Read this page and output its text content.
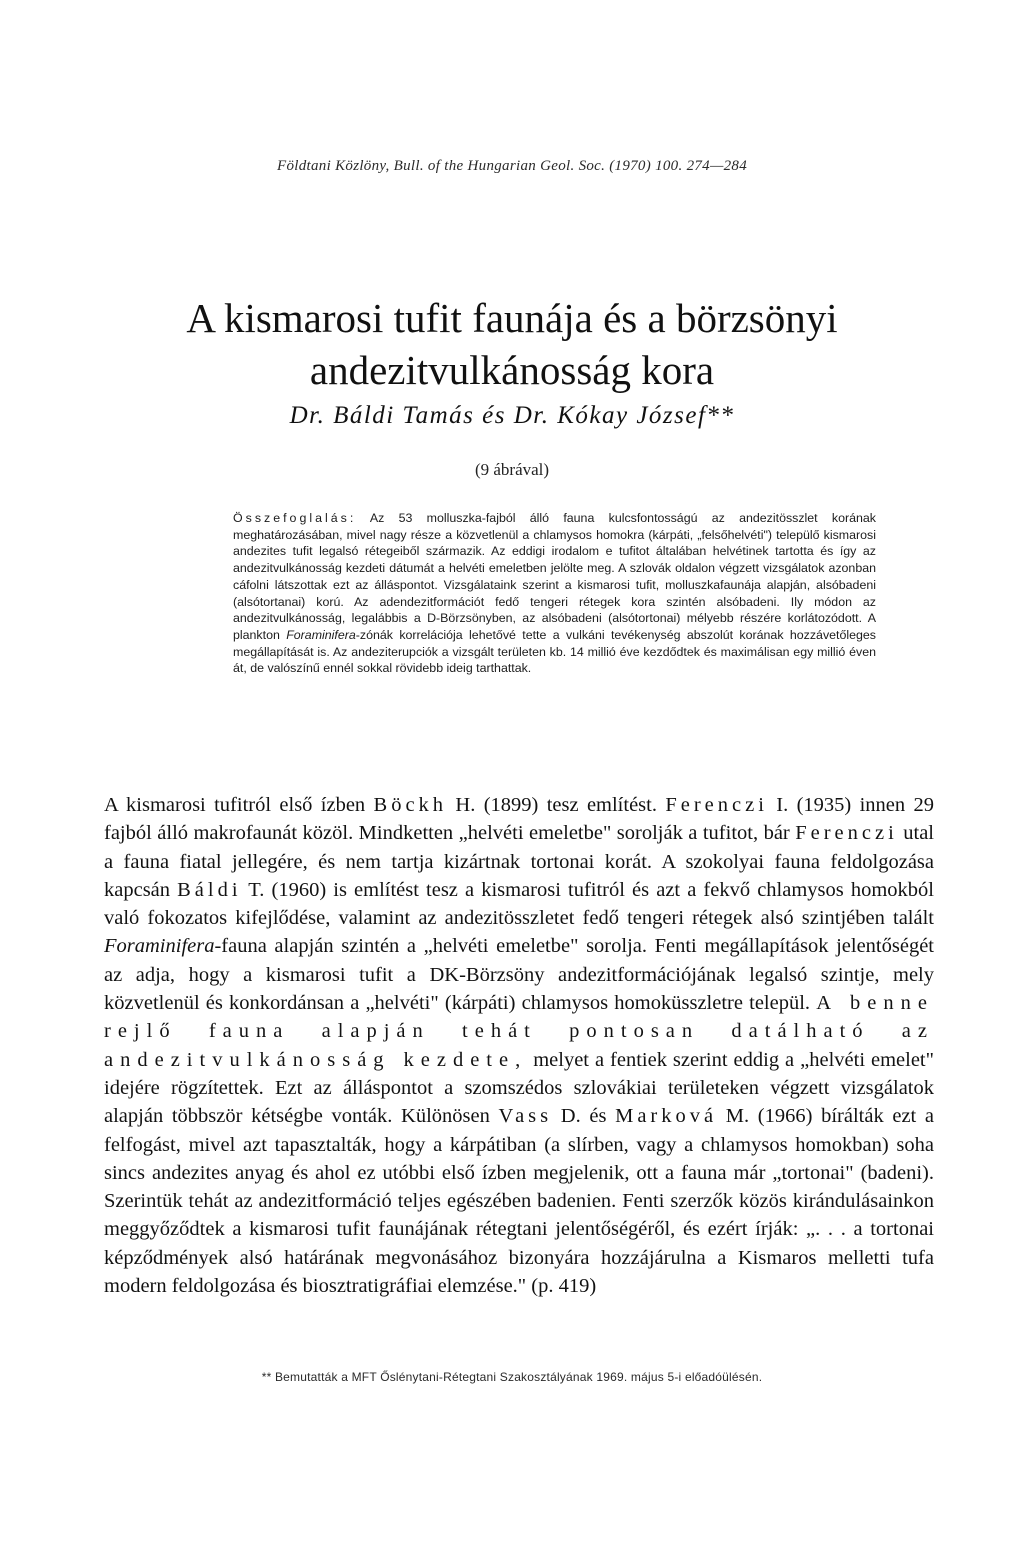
Földtani Közlöny, Bull. of the Hungarian Geol. Soc. (1970) 100. 274—284
A kismarosi tufit faunája és a börzsönyi
andezitvulkánosság kora
Dr. Báldi Tamás és Dr. Kókay József**
(9 ábrával)

Összefoglalás: Az 53 molluszka-fajból álló fauna kulcsfontosságú az andezitösszlet korának meghatározásában, mivel nagy része a közvetlenül a chlamysos homokra (kárpáti, „felsőhelvéti") települő kismarosi andezites tufit legalsó rétegeiből származik. Az eddigi irodalom e tufitot általában helvétinek tartotta és így az andezitvulkánosság kezdeti dátumát a helvéti emeletben jelölte meg. A szlovák oldalon végzett vizsgálatok azonban cáfolni látszottak ezt az álláspontot. Vizsgálataink szerint a kismarosi tufit, molluszkafaunája alapján, alsóbadeni (alsótortanai) korú. Az adendezitformációt fedő tengeri rétegek kora szintén alsóbadeni. Ily módon az andezitvulkánosság, legalábbis a D-Börzsönyben, az alsóbadeni (alsótortonai) mélyebb részére korlátozódott. A plankton Foraminifera-zónák korrelációja lehetővé tette a vulkáni tevékenység abszolút korának hozzávetőleges megállapítását is. Az andeziterupciók a vizsgált területen kb. 14 millió éve kezdődtek és maximálisan egy millió éven át, de valószínű ennél sokkal rövidebb ideig tarthattak.

A kismarosi tufitról első ízben Böckh H. (1899) tesz említést. Ferenczi I. (1935) innen 29 fajból álló makrofaunát közöl. Mindketten „helvéti emeletbe" sorolják a tufitot, bár Ferenczi utal a fauna fiatal jellegére, és nem tartja kizártnak tortonai korát. A szokolyai fauna feldolgozása kapcsán Báldi T. (1960) is említést tesz a kismarosi tufitról és azt a fekvő chlamysos homokból való fokozatos kifejlődése, valamint az andezitösszletet fedő tengeri rétegek alsó szintjében talált Foraminifera-fauna alapján szintén a „helvéti emeletbe" sorolja. Fenti megállapítások jelentőségét az adja, hogy a kismarosi tufit a DK-Börzsöny andezitformációjának legalsó szintje, mely közvetlenül és konkordánsan a „helvéti" (kárpáti) chlamysos homoküsszletre települ. A benne rejlő fauna alapján tehát pontosan datálható az andezitvulkánosság kezdete, melyet a fentiek szerint eddig a „helvéti emelet" idejére rögzítettek. Ezt az álláspontot a szomszédos szlovákiai területeken végzett vizsgálatok alapján többször kétségbe vonták. Különösen Vass D. és Marková M. (1966) bírálták ezt a felfogást, mivel azt tapasztalták, hogy a kárpátiban (a slírben, vagy a chlamysos homokban) soha sincs andezites anyag és ahol ez utóbbi első ízben megjelenik, ott a fauna már „tortonai" (badeni). Szerintük tehát az andezitformáció teljes egészében badenien. Fenti szerzők közös kirándulásainkon meggyőződtek a kismarosi tufit faunájának rétegtani jelentőségéről, és ezért írják: „. . . a tortonai képződmények alsó határának megvonásához bizonyára hozzájárulna a Kismaros melletti tufa modern feldolgozása és biosztratigráfiai elemzése." (p. 419)

** Bemutatták a MFT Őslénytani-Rétegtani Szakosztályának 1969. május 5-i előadóülésén.
